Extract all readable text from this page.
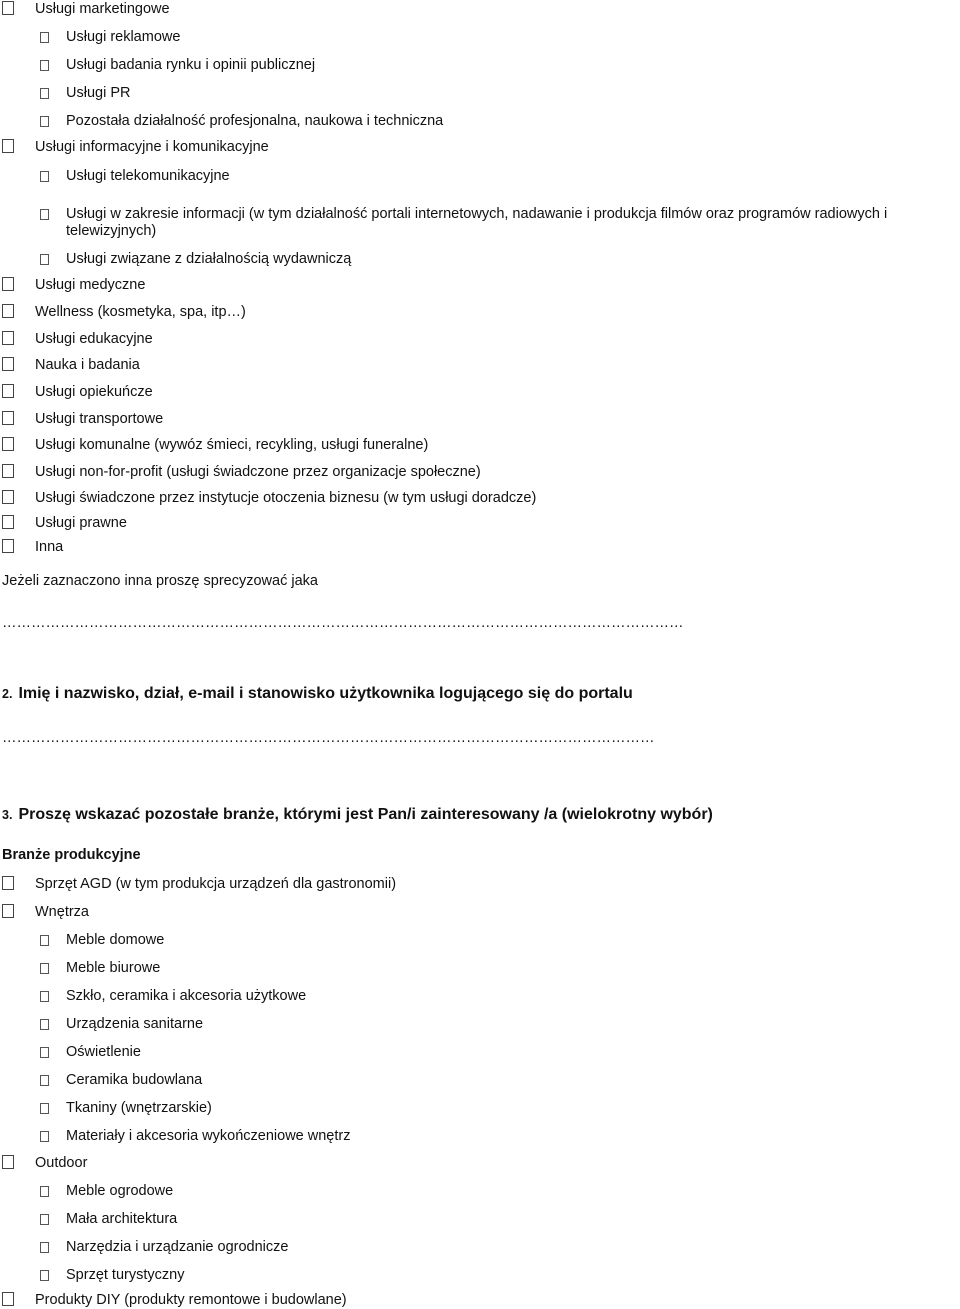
Usługi marketingowe
Usługi reklamowe
Usługi badania rynku i opinii publicznej
Usługi PR
Pozostała działalność profesjonalna, naukowa i techniczna
Usługi informacyjne i komunikacyjne
Usługi telekomunikacyjne
Usługi w zakresie informacji (w tym działalność portali internetowych, nadawanie i produkcja filmów oraz programów radiowych i telewizyjnych)
Usługi związane z działalnością wydawniczą
Usługi medyczne
Wellness (kosmetyka, spa, itp…)
Usługi edukacyjne
Nauka i badania
Usługi opiekuńcze
Usługi transportowe
Usługi komunalne (wywóz śmieci, recykling, usługi funeralne)
Usługi non-for-profit (usługi świadczone przez organizacje społeczne)
Usługi świadczone przez instytucje otoczenia biznesu (w tym usługi doradcze)
Usługi prawne
Inna
Jeżeli zaznaczono inna proszę sprecyzować jaka
……………………………………………………………………………………………………………………………
2. Imię i nazwisko, dział, e-mail i stanowisko użytkownika logującego się do portalu
………………………………………………………………………………………………………………………
3. Proszę wskazać pozostałe branże, którymi jest Pan/i zainteresowany /a (wielokrotny wybór)
Branże produkcyjne
Sprzęt AGD (w tym produkcja urządzeń dla gastronomii)
Wnętrza
Meble domowe
Meble biurowe
Szkło, ceramika i akcesoria użytkowe
Urządzenia sanitarne
Oświetlenie
Ceramika budowlana
Tkaniny (wnętrzarskie)
Materiały i akcesoria wykończeniowe wnętrz
Outdoor
Meble ogrodowe
Mała architektura
Narzędzia i urządzanie ogrodnicze
Sprzęt turystyczny
Produkty DIY (produkty remontowe i budowlane)
